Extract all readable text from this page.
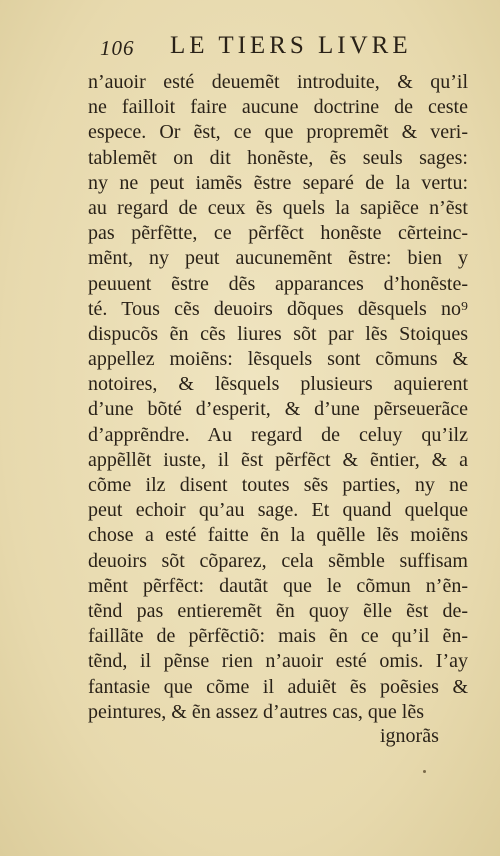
106 LE TIERS LIVRE
n’auoir esté deuemẽt introduite, & qu’il
ne failloit faire aucune doctrine de ceste
espece. Or ẽst, ce que propremẽt & veri-
tablemẽt on dit honẽste, ẽs seuls sages:
ny ne peut iamẽs ẽstre separé de la vertu:
au regard de ceux ẽs quels la sapiẽce n’ẽst
pas pẽrfẽtte, ce pẽrfẽct honẽste cẽrteinc-
mẽnt, ny peut aucunemẽnt ẽstre: bien y
peuuent ẽstre dẽs apparances d’honẽste-
té. Tous cẽs deuoirs dõques dẽsquels no⁹
dispucõs ẽn cẽs liures sõt par lẽs Stoiques
appellez moiẽns: lẽsquels sont cõmuns &
notoires, & lẽsquels plusieurs aquierent
d’une bõté d’esperit, & d’une pẽrseuerãce
d’apprẽndre. Au regard de celuy qu’ilz
appẽllẽt iuste, il ẽst pẽrfẽct & ẽntier, & a
cõme ilz disent toutes sẽs parties, ny ne
peut echoir qu’au sage. Et quand quelque
chose a esté faitte ẽn la quẽlle lẽs moiẽns
deuoirs sõt cõparez, cela sẽmble suffisam
mẽnt pẽrfẽct: dautãt que le cõmun n’ẽn-
tẽnd pas entieremẽt ẽn quoy ẽlle ẽst de-
faillãte de pẽrfẽctiõ: mais ẽn ce qu’il ẽn-
tẽnd, il pẽnse rien n’auoir esté omis. I’ay
fantasie que cõme il aduiẽt ẽs poẽsies &
peintures, & ẽn assez d’autres cas, que lẽs
ignorãs
